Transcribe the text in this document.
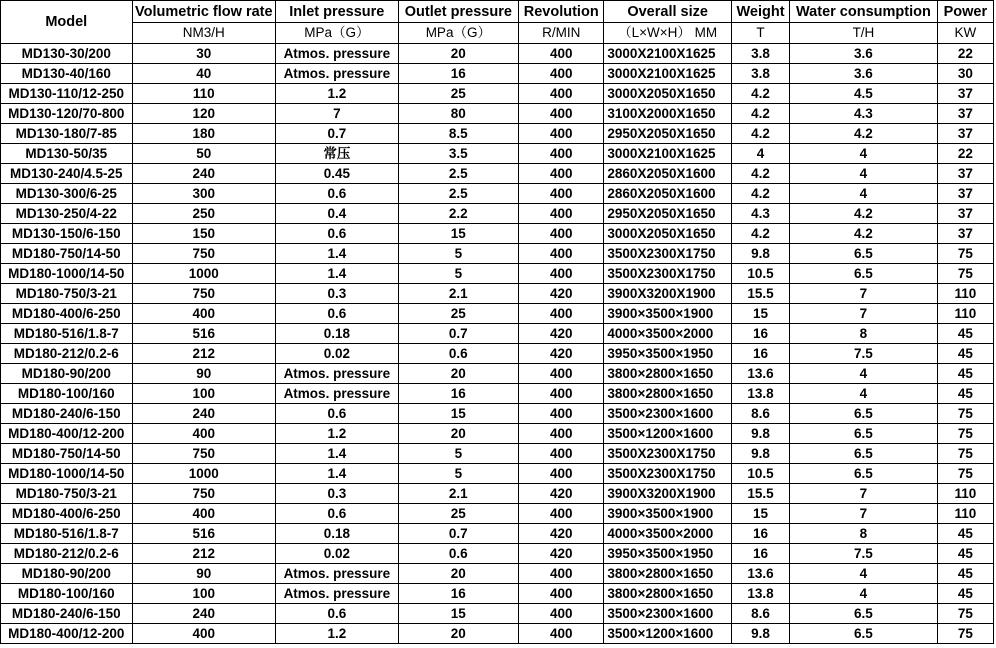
Model	Volumetric flow rate	Inlet pressure	Outlet pressure	Revolution	Overall size	Weight	Water consumption	Power
	NM3/H	MPa（G）	MPa（G）	R/MIN	（L×W×H） MM	T	T/H	KW
MD130-30/200	30	Atmos. pressure	20	400	3000X2100X1625	3.8	3.6	22
MD130-40/160	40	Atmos. pressure	16	400	3000X2100X1625	3.8	3.6	30
MD130-110/12-250	110	1.2	25	400	3000X2050X1650	4.2	4.5	37
MD130-120/70-800	120	7	80	400	3100X2000X1650	4.2	4.3	37
MD130-180/7-85	180	0.7	8.5	400	2950X2050X1650	4.2	4.2	37
MD130-50/35	50	常压	3.5	400	3000X2100X1625	4	4	22
MD130-240/4.5-25	240	0.45	2.5	400	2860X2050X1600	4.2	4	37
MD130-300/6-25	300	0.6	2.5	400	2860X2050X1600	4.2	4	37
MD130-250/4-22	250	0.4	2.2	400	2950X2050X1650	4.3	4.2	37
MD130-150/6-150	150	0.6	15	400	3000X2050X1650	4.2	4.2	37
MD180-750/14-50	750	1.4	5	400	3500X2300X1750	9.8	6.5	75
MD180-1000/14-50	1000	1.4	5	400	3500X2300X1750	10.5	6.5	75
MD180-750/3-21	750	0.3	2.1	420	3900X3200X1900	15.5	7	110
MD180-400/6-250	400	0.6	25	400	3900×3500×1900	15	7	110
MD180-516/1.8-7	516	0.18	0.7	420	4000×3500×2000	16	8	45
MD180-212/0.2-6	212	0.02	0.6	420	3950×3500×1950	16	7.5	45
MD180-90/200	90	Atmos. pressure	20	400	3800×2800×1650	13.6	4	45
MD180-100/160	100	Atmos. pressure	16	400	3800×2800×1650	13.8	4	45
MD180-240/6-150	240	0.6	15	400	3500×2300×1600	8.6	6.5	75
MD180-400/12-200	400	1.2	20	400	3500×1200×1600	9.8	6.5	75
MD180-750/14-50	750	1.4	5	400	3500X2300X1750	9.8	6.5	75
MD180-1000/14-50	1000	1.4	5	400	3500X2300X1750	10.5	6.5	75
MD180-750/3-21	750	0.3	2.1	420	3900X3200X1900	15.5	7	110
MD180-400/6-250	400	0.6	25	400	3900×3500×1900	15	7	110
MD180-516/1.8-7	516	0.18	0.7	420	4000×3500×2000	16	8	45
MD180-212/0.2-6	212	0.02	0.6	420	3950×3500×1950	16	7.5	45
MD180-90/200	90	Atmos. pressure	20	400	3800×2800×1650	13.6	4	45
MD180-100/160	100	Atmos. pressure	16	400	3800×2800×1650	13.8	4	45
MD180-240/6-150	240	0.6	15	400	3500×2300×1600	8.6	6.5	75
MD180-400/12-200	400	1.2	20	400	3500×1200×1600	9.8	6.5	75
